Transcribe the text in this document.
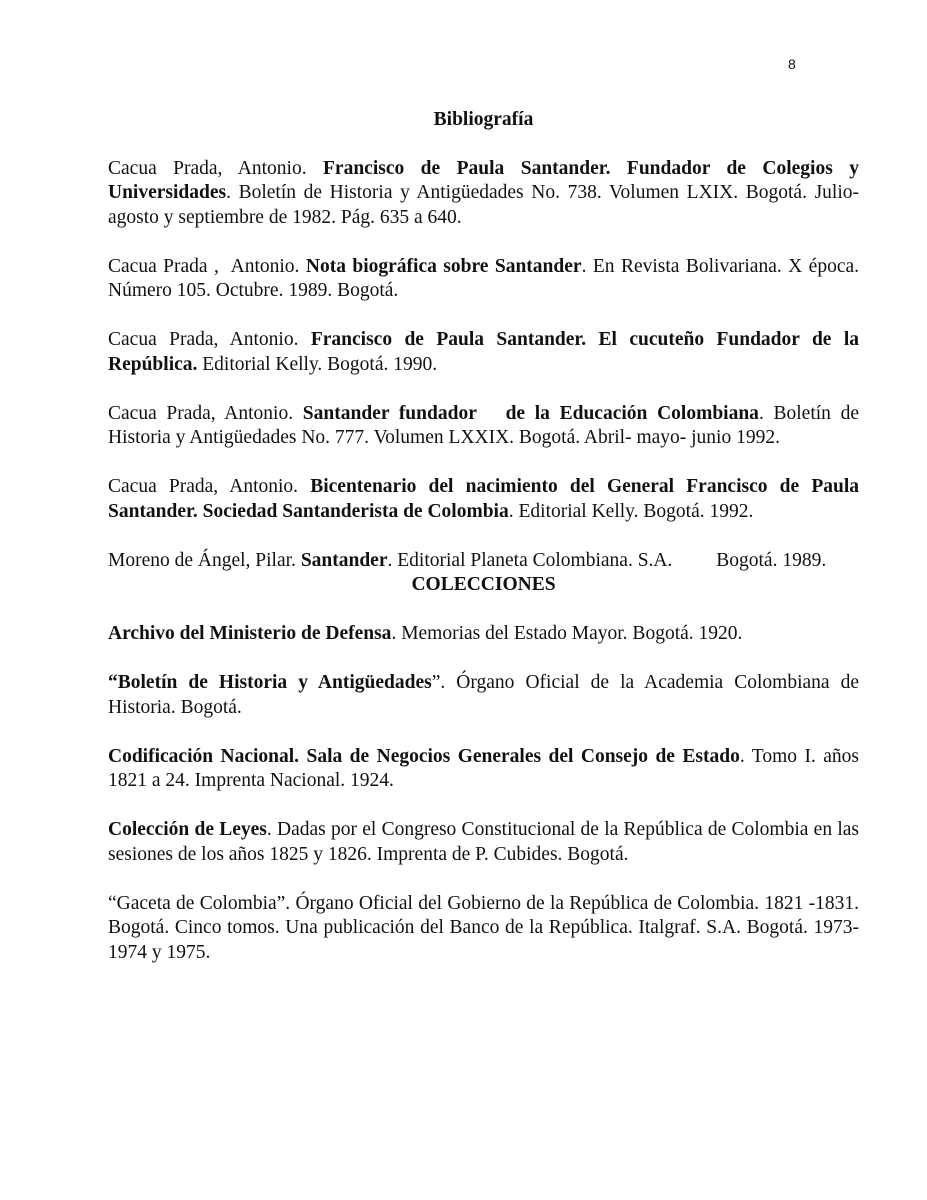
8

Bibliografía

Cacua Prada, Antonio. Francisco de Paula Santander. Fundador de Colegios y Universidades. Boletín de Historia y Antigüedades No. 738. Volumen LXIX. Bogotá. Julio- agosto y septiembre de 1982. Pág. 635 a 640.

Cacua Prada ,  Antonio. Nota biográfica sobre Santander. En Revista Bolivariana. X época. Número 105. Octubre. 1989. Bogotá.

Cacua Prada, Antonio. Francisco de Paula Santander. El cucuteño Fundador de la República. Editorial Kelly. Bogotá. 1990.

Cacua Prada, Antonio. Santander fundador   de la Educación Colombiana. Boletín de Historia y Antigüedades No. 777. Volumen LXXIX. Bogotá. Abril- mayo- junio 1992.

Cacua Prada, Antonio. Bicentenario del nacimiento del General Francisco de Paula Santander. Sociedad Santanderista de Colombia. Editorial Kelly. Bogotá. 1992.

Moreno de Ángel, Pilar. Santander. Editorial Planeta Colombiana. S.A.         Bogotá. 1989.

COLECCIONES

Archivo del Ministerio de Defensa. Memorias del Estado Mayor. Bogotá. 1920.

“Boletín de Historia y Antigüedades”. Órgano Oficial de la Academia Colombiana de Historia. Bogotá.

Codificación Nacional. Sala de Negocios Generales del Consejo de Estado. Tomo I. años 1821 a 24. Imprenta Nacional. 1924.

Colección de Leyes. Dadas por el Congreso Constitucional de la República de Colombia en las sesiones de los años 1825 y 1826. Imprenta de P. Cubides. Bogotá.

“Gaceta de Colombia”. Órgano Oficial del Gobierno de la República de Colombia. 1821 -1831. Bogotá. Cinco tomos. Una publicación del Banco de la República. Italgraf. S.A. Bogotá. 1973-1974 y 1975.
